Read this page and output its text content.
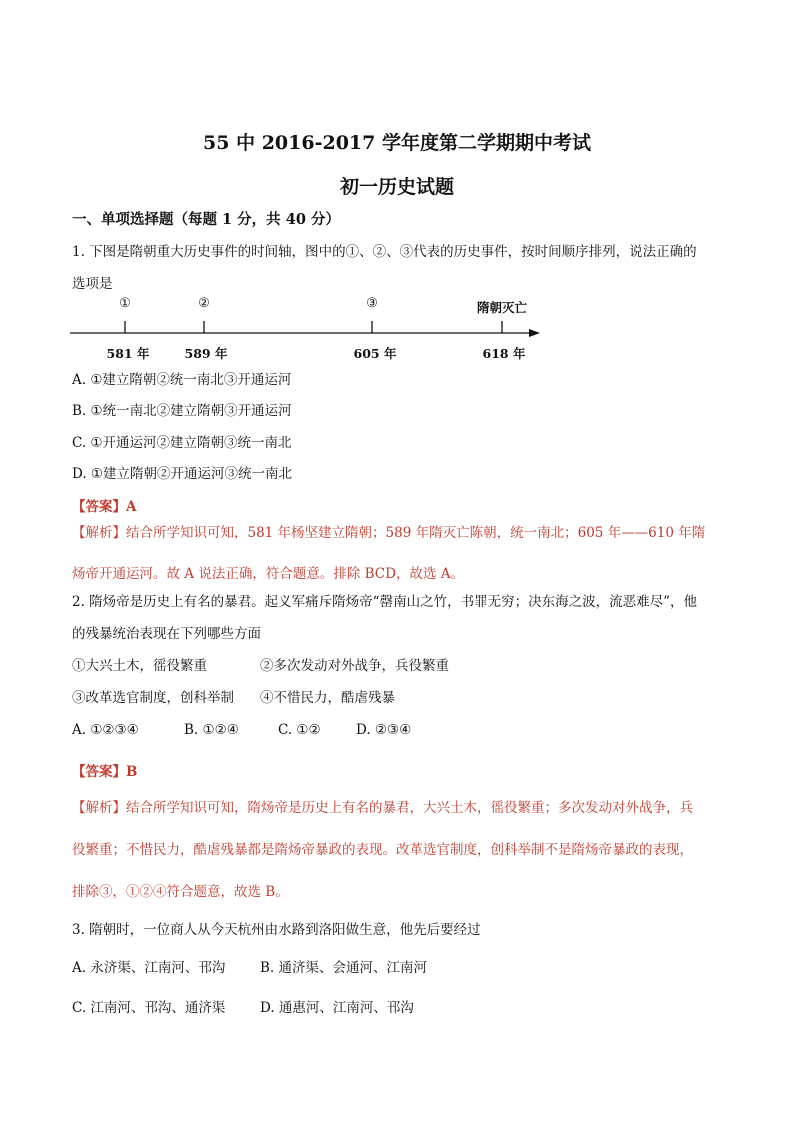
55 中 2016-2017 学年度第二学期期中考试
初一历史试题
一、单项选择题（每题 1 分，共 40 分）
1. 下图是隋朝重大历史事件的时间轴，图中的①、②、③代表的历史事件，按时间顺序排列，说法正确的
选项是
①	②	③	隋朝灭亡
581 年	589 年	605 年	618 年
A. ①建立隋朝②统一南北③开通运河
B. ①统一南北②建立隋朝③开通运河
C. ①开通运河②建立隋朝③统一南北
D. ①建立隋朝②开通运河③统一南北
【答案】A
【解析】结合所学知识可知，581 年杨坚建立隋朝；589 年隋灭亡陈朝，统一南北；605 年——610 年隋
炀帝开通运河。故 A 说法正确，符合题意。排除 BCD，故选 A。
2. 隋炀帝是历史上有名的暴君。起义军痛斥隋炀帝“罄南山之竹，书罪无穷；决东海之波，流恶难尽”，他
的残暴统治表现在下列哪些方面
①大兴土木，徭役繁重	②多次发动对外战争，兵役繁重
③改革选官制度，创科举制 ④不惜民力，酷虐残暴
A. ①②③④	B. ①②④	C. ①②	D. ②③④
【答案】B
【解析】结合所学知识可知，隋炀帝是历史上有名的暴君，大兴土木，徭役繁重；多次发动对外战争，兵
役繁重；不惜民力，酷虐残暴都是隋炀帝暴政的表现。改革选官制度，创科举制不是隋炀帝暴政的表现，
排除③，①②④符合题意，故选 B。
3. 隋朝时，一位商人从今天杭州由水路到洛阳做生意，他先后要经过
A. 永济渠、江南河、邗沟	B. 通济渠、会通河、江南河
C. 江南河、邗沟、通济渠	D. 通惠河、江南河、邗沟
